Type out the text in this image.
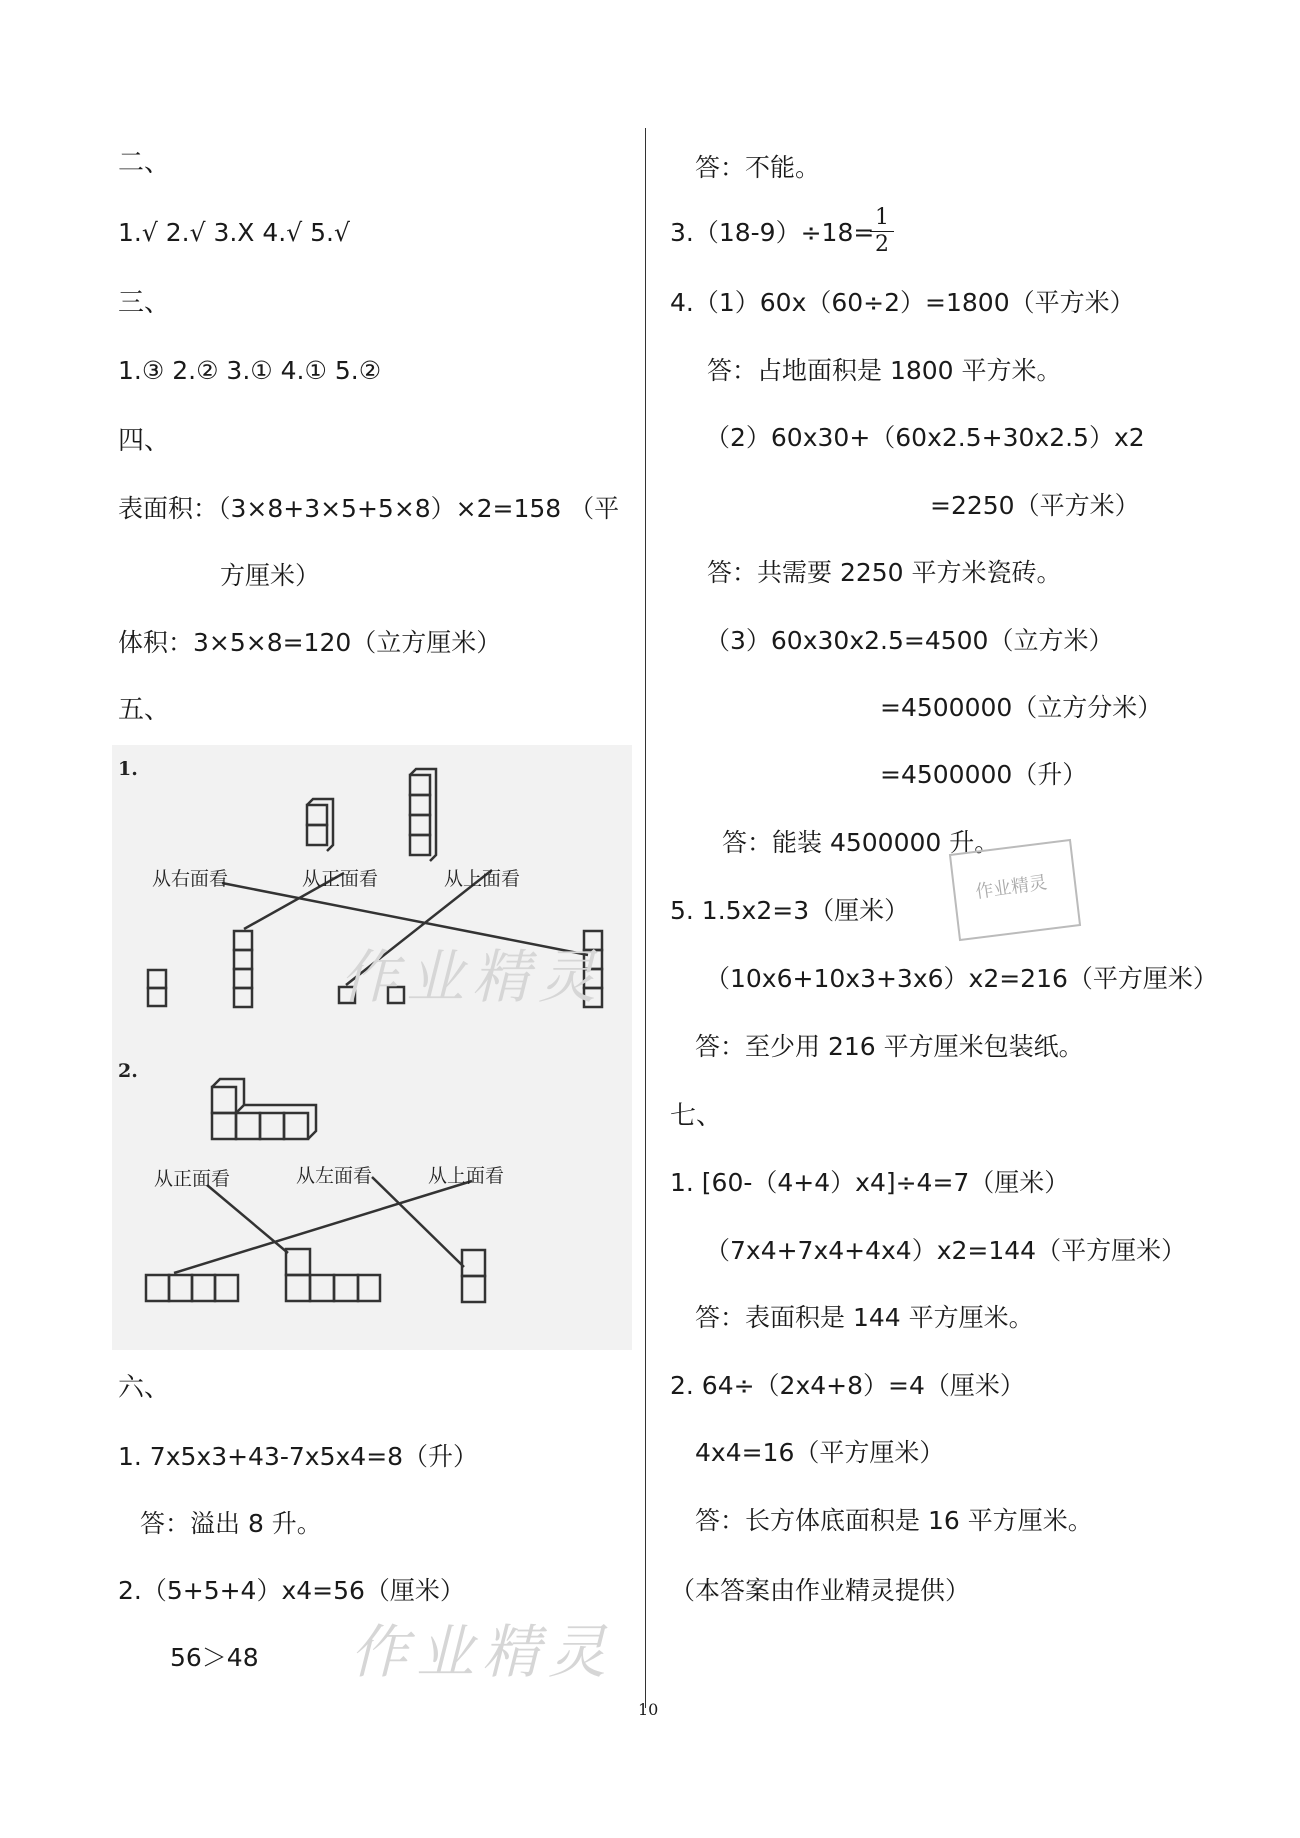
二、
1.√ 2.√ 3.X 4.√ 5.√
三、
1.③ 2.② 3.① 4.① 5.②
四、
表面积：（3×8+3×5+5×8）×2=158 （平
方厘米）
体积：3×5×8=120（立方厘米）
五、
1.
从右面看	从正面看	从上面看
2.
从正面看	从左面看	从上面看
作业精灵
六、
1. 7x5x3+43-7x5x4=8（升）
答：溢出 8 升。
2.（5+5+4）x4=56（厘米）
56＞48 作业精灵
答：不能。
3.（18-9）÷18=
$\frac{1}{2}$
4.（1）60x（60÷2）=1800（平方米）
答：占地面积是 1800 平方米。
（2）60x30+（60x2.5+30x2.5）x2
=2250（平方米）
答：共需要 2250 平方米瓷砖。
（3）60x30x2.5=4500（立方米）
=4500000（立方分米）
=4500000（升）
答：能装 4500000 升。
作业精灵
5. 1.5x2=3（厘米）
（10x6+10x3+3x6）x2=216（平方厘米）
答：至少用 216 平方厘米包装纸。
七、
1. [60-（4+4）x4]÷4=7（厘米）
（7x4+7x4+4x4）x2=144（平方厘米）
答：表面积是 144 平方厘米。
2. 64÷（2x4+8）=4（厘米）
4x4=16（平方厘米）
答：长方体底面积是 16 平方厘米。
（本答案由作业精灵提供）
10
